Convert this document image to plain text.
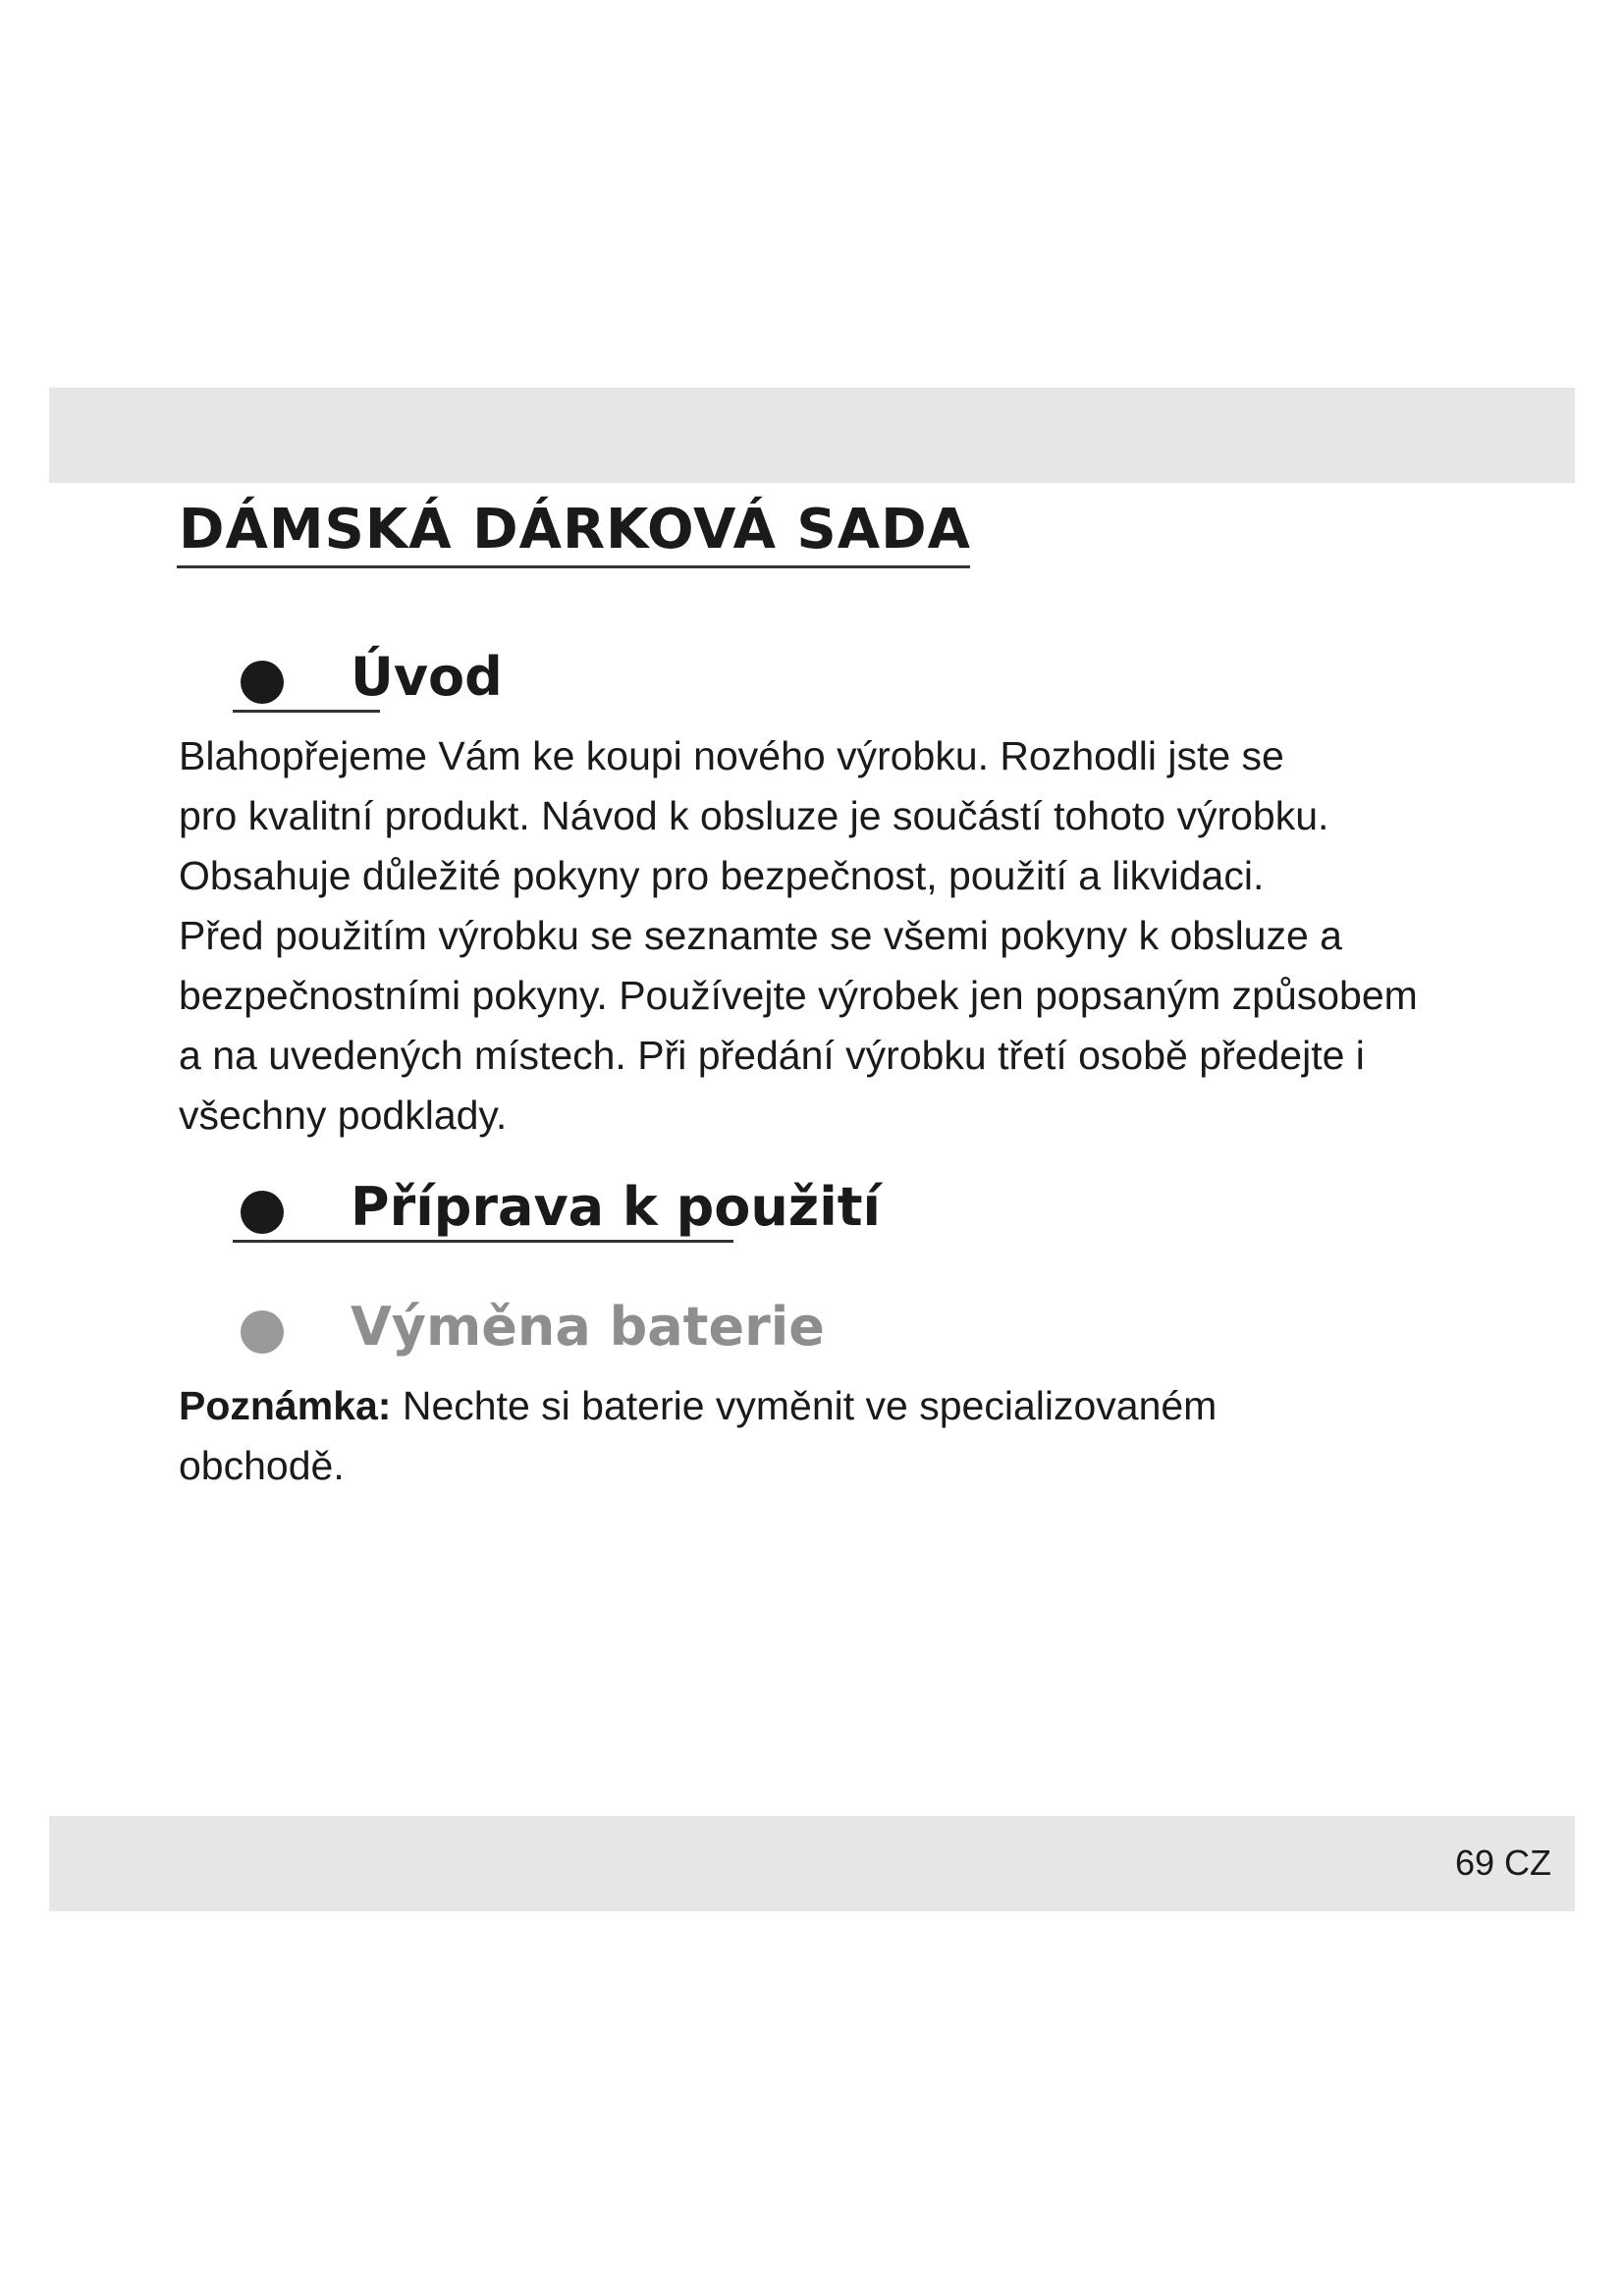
DÁMSKÁ DÁRKOVÁ SADA
Úvod

Blahopřejeme Vám ke koupi nového výrobku. Rozhodli jste se
pro kvalitní produkt. Návod k obsluze je součástí tohoto výrobku.
Obsahuje důležité pokyny pro bezpečnost, použití a likvidaci.
Před použitím výrobku se seznamte se všemi pokyny k obsluze a
bezpečnostními pokyny. Používejte výrobek jen popsaným způsobem
a na uvedených místech. Při předání výrobku třetí osobě předejte i
všechny podklady.

Příprava k použití
Výměna baterie

Poznámka: Nechte si baterie vyměnit ve specializovaném
obchodě.

69 CZ
